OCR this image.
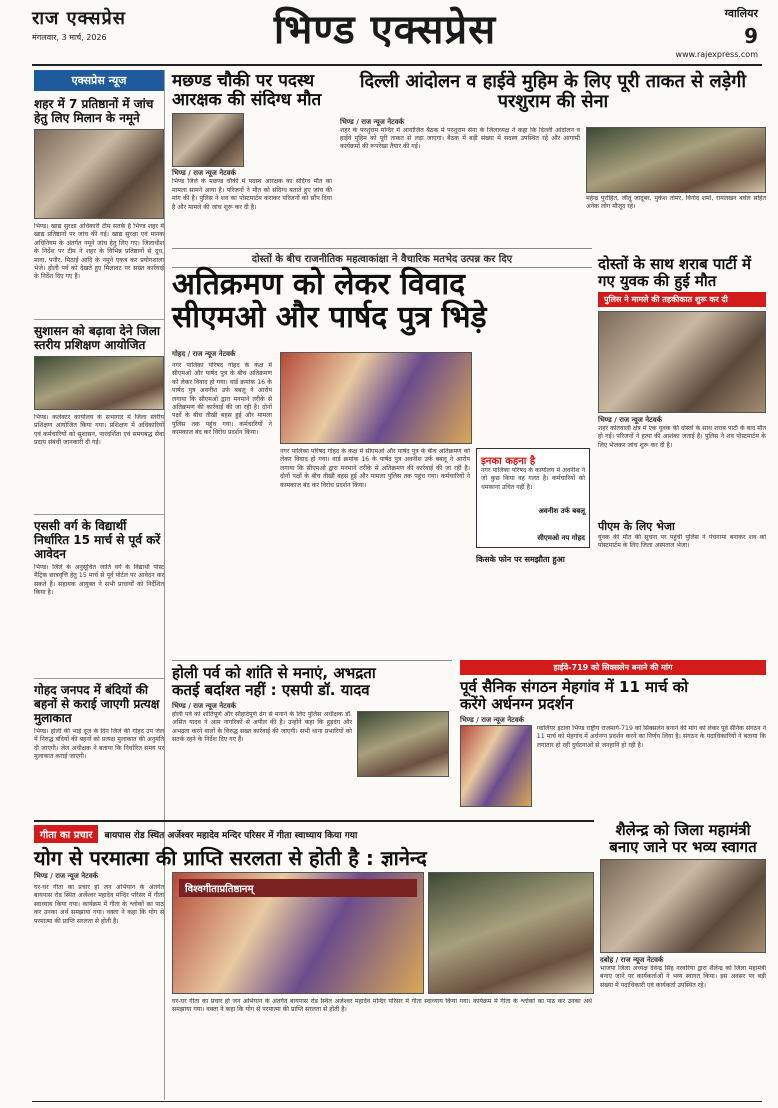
राज एक्सप्रेस
मंगलवार, 3 मार्च, 2026	भिण्ड एक्सप्रेस	ग्वालियर
9
www.rajexpress.com
एक्सप्रेस न्यूज
शहर में 7 प्रतिष्ठानों में जांच हेतु लिए मिलान के नमूने
भिण्ड। खाद्य सुरक्षा अधिकारी टीम सतर्क है भिण्ड शहर में खाद्य प्रतिष्ठानों पर जांच की गई। खाद्य सुरक्षा एवं मानक अधिनियम के अंतर्गत नमूने जांच हेतु लिए गए। जिलाधीश के निर्देश पर टीम ने शहर के विभिन्न प्रतिष्ठानों से दूध, मावा, पनीर, मिठाई आदि के नमूने एकत्र कर प्रयोगशाला भेजे। होली पर्व को देखते हुए मिलावट पर सख्त कार्रवाई के निर्देश दिए गए हैं।
सुशासन को बढ़ावा देने जिला स्तरीय प्रशिक्षण आयोजित
भिण्ड। कलेक्टर कार्यालय के सभागार में जिला स्तरीय प्रशिक्षण आयोजित किया गया। प्रशिक्षण में अधिकारियों एवं कर्मचारियों को सुशासन, पारदर्शिता एवं समयबद्ध सेवा प्रदाय संबंधी जानकारी दी गई।
एससी वर्ग के विद्यार्थी निर्धारित 15 मार्च से पूर्व करें आवेदन
भिण्ड। जिले के अनुसूचित जाति वर्ग के विद्यार्थी पोस्ट मैट्रिक छात्रवृत्ति हेतु 15 मार्च से पूर्व पोर्टल पर आवेदन कर सकते हैं। सहायक आयुक्त ने सभी प्राचार्यों को निर्देशित किया है।
गोहद जनपद में बंदियों की बहनों से कराई जाएगी प्रत्यक्ष मुलाकात
भिण्ड। होली की भाई दूज के दिन जिले की गोहद उप जेल में निरुद्ध बंदियों की बहनों को प्रत्यक्ष मुलाकात की अनुमति दी जाएगी। जेल अधीक्षक ने बताया कि निर्धारित समय पर मुलाकात कराई जाएगी।
मछण्ड चौकी पर पदस्थ आरक्षक की संदिग्ध मौत
भिण्ड / राज न्यूज नेटवर्क
भिण्ड जिले के मछण्ड चौकी में पदस्थ आरक्षक का संदिग्ध मौत का मामला सामने आया है। परिजनों ने मौत को संदिग्ध बताते हुए जांच की मांग की है। पुलिस ने शव का पोस्टमार्टम कराकर परिजनों को सौंप दिया है और मामले की जांच शुरू कर दी है।
दिल्ली आंदोलन व हाईवे मुहिम के लिए पूरी ताकत से लड़ेगी परशुराम की सेना
भिण्ड / राज न्यूज नेटवर्क
शहर के परशुराम मन्दिर में आयोजित बैठक में परशुराम सेना के जिलाध्यक्ष ने कहा कि दिल्ली आंदोलन व हाईवे मुहिम को पूरी ताकत से लड़ा जाएगा। बैठक में बड़ी संख्या में सदस्य उपस्थित रहे और आगामी कार्यक्रमों की रूपरेखा तैयार की गई।
महेन्द्र पुरोहित, जीतू जादूबर, मुकेश तोमर, विनोद शर्मा, रामलखन बघेल सहित अनेक लोग मौजूद रहे।
दोस्तों के बीच राजनीतिक महत्वाकांक्षा ने वैचारिक मतभेद उत्पन्न कर दिए
अतिक्रमण को लेकर विवाद
सीएमओ और पार्षद पुत्र भिड़े
गोहद / राज न्यूज नेटवर्क
नगर पालिका परिषद गोहद के कक्ष में सीएमओ और पार्षद पुत्र के बीच अतिक्रमण को लेकर विवाद हो गया। वार्ड क्रमांक 16 के पार्षद पुत्र अवनीश उर्फ बबलू ने आरोप लगाया कि सीएमओ द्वारा मनमाने तरीके से अतिक्रमण की कार्रवाई की जा रही है। दोनों पक्षों के बीच तीखी बहस हुई और मामला पुलिस तक पहुंच गया। कर्मचारियों ने कामकाज बंद कर विरोध प्रदर्शन किया।
नगर पालिका परिषद गोहद के कक्ष में सीएमओ और पार्षद पुत्र के बीच अतिक्रमण को लेकर विवाद हो गया। वार्ड क्रमांक 16 के पार्षद पुत्र अवनीश उर्फ बबलू ने आरोप लगाया कि सीएमओ द्वारा मनमाने तरीके से अतिक्रमण की कार्रवाई की जा रही है। दोनों पक्षों के बीच तीखी बहस हुई और मामला पुलिस तक पहुंच गया। कर्मचारियों ने कामकाज बंद कर विरोध प्रदर्शन किया।
इनका कहना है
नगर पालिका परिषद के कार्यालय में अवनीश ने जो कुछ किया वह गलत है। कर्मचारियों को धमकाना उचित नहीं है।
अवनीश उर्फ बबलू
सीएमओ नप गोहद
किसके फोन पर समझौता हुआ
दोस्तों के साथ शराब पार्टी में गए युवक की हुई मौत
पुलिस ने मामले की तहकीकात शुरू कर दी
भिण्ड / राज न्यूज नेटवर्क
शहर कोतवाली क्षेत्र में एक युवक की दोस्तों के साथ शराब पार्टी के बाद मौत हो गई। परिजनों ने हत्या की आशंका जताई है। पुलिस ने शव पोस्टमार्टम के लिए भेजकर जांच शुरू कर दी है।
पीएम के लिए भेजा
युवक की मौत की सूचना पर पहुंची पुलिस ने पंचनामा बनाकर शव को पोस्टमार्टम के लिए जिला अस्पताल भेजा।
होली पर्व को शांति से मनाएं, अभद्रता
कतई बर्दाश्त नहीं : एसपी डॉ. यादव
भिण्ड / राज न्यूज नेटवर्क
होली पर्व को शांतिपूर्ण और सौहार्दपूर्ण ढंग से मनाने के लिए पुलिस अधीक्षक डॉ. असित यादव ने आम नागरिकों से अपील की है। उन्होंने कहा कि हुड़दंग और अभद्रता करने वालों के विरुद्ध सख्त कार्रवाई की जाएगी। सभी थाना प्रभारियों को सतर्क रहने के निर्देश दिए गए हैं।
हाईवे-719 को सिक्सलेन बनाने की मांग
पूर्व सैनिक संगठन मेहगांव में 11 मार्च को
करेंगे अर्धनग्न प्रदर्शन
भिण्ड / राज न्यूज नेटवर्क
ग्वालियर इटावा भिण्ड राष्ट्रीय राजमार्ग-719 को सिक्सलेन बनाने की मांग को लेकर पूर्व सैनिक संगठन ने 11 मार्च को मेहगांव में अर्धनग्न प्रदर्शन करने का निर्णय लिया है। संगठन के पदाधिकारियों ने बताया कि लगातार हो रही दुर्घटनाओं से जनहानि हो रही है।
गीता का प्रचार	बायपास रोड स्थित अर्जेश्वर महादेव मन्दिर परिसर में गीता स्वाध्याय किया गया
योग से परमात्मा की प्राप्ति सरलता से होती है : ज्ञानेन्द
भिण्ड / राज न्यूज नेटवर्क
घर-घर गीता का प्रचार हो जन अभियान के अंतर्गत बायपास रोड स्थित अर्जेश्वर महादेव मन्दिर परिसर में गीता स्वाध्याय किया गया। कार्यक्रम में गीता के श्लोकों का पाठ कर उनका अर्थ समझाया गया। वक्ता ने कहा कि योग से परमात्मा की प्राप्ति सरलता से होती है।
विश्वगीताप्रतिष्ठानम्
घर-घर गीता का प्रचार हो जन अभियान के अंतर्गत बायपास रोड स्थित अर्जेश्वर महादेव मन्दिर परिसर में गीता स्वाध्याय किया गया। कार्यक्रम में गीता के श्लोकों का पाठ कर उनका अर्थ समझाया गया। वक्ता ने कहा कि योग से परमात्मा की प्राप्ति सरलता से होती है।
शैलेन्द्र को जिला महामंत्री बनाए जाने पर भव्य स्वागत
दबोह / राज न्यूज नेटवर्क
भाजपा जिला अध्यक्ष देवेन्द्र सिंह नरवरिया द्वारा शैलेन्द्र को जिला महामंत्री बनाए जाने पर कार्यकर्ताओं ने भव्य स्वागत किया। इस अवसर पर बड़ी संख्या में पदाधिकारी एवं कार्यकर्ता उपस्थित रहे।
